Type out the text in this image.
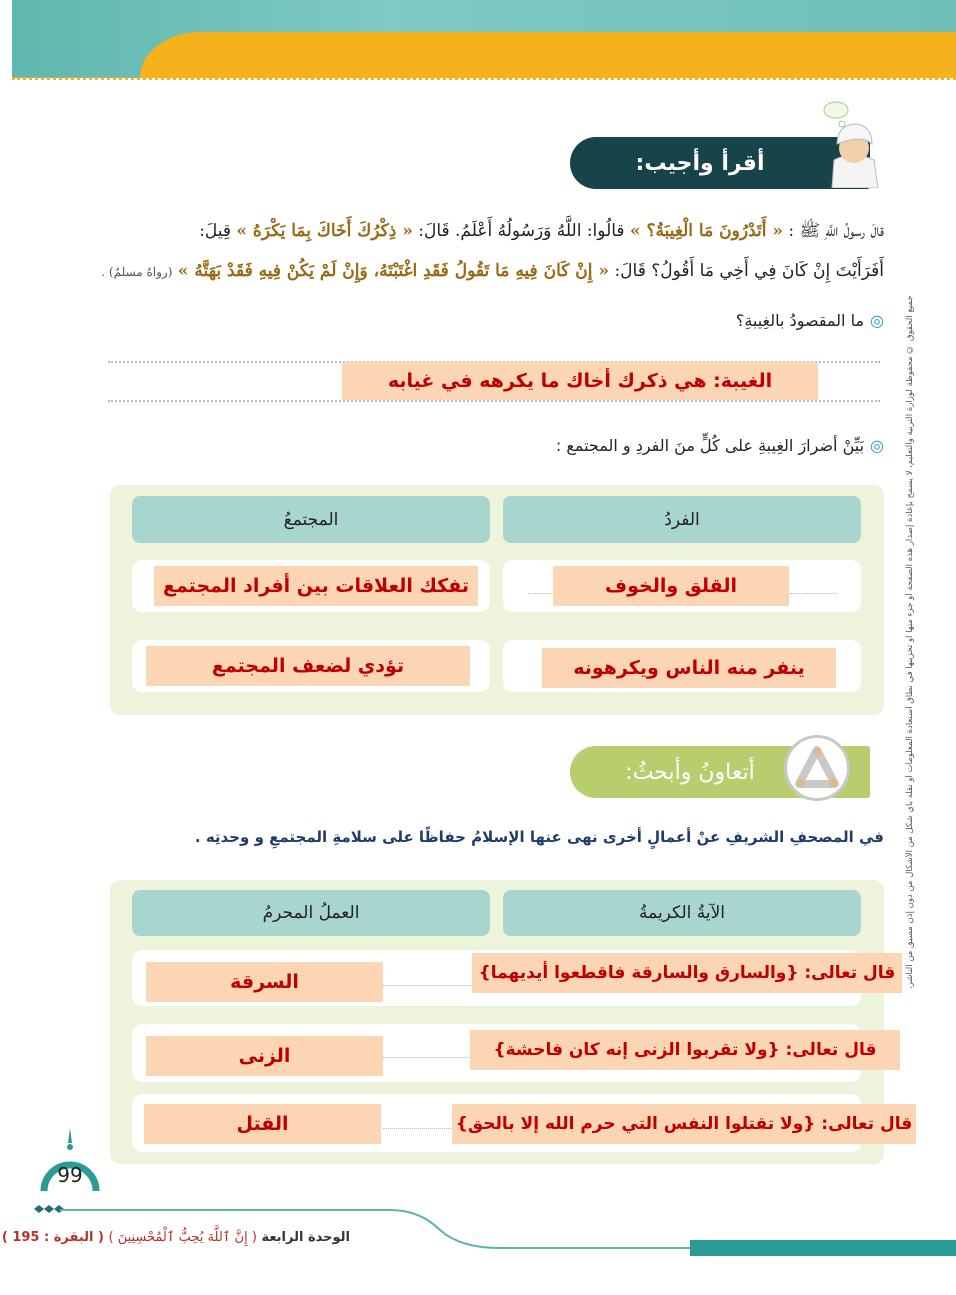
أقرأ وأجيب:
قالَ رسولُ اللَّهِ ﷺ : « أَتَدْرُونَ مَا الْغِيبَةُ؟ » قالُوا: اللَّهُ وَرَسُولُهُ أَعْلَمُ. قَالَ: « ذِكْرُكَ أَخَاكَ بِمَا يَكْرَهُ » قِيلَ:
أَفَرَأَيْتَ إِنْ كَانَ فِي أَخِي مَا أَقُولُ؟ قَالَ: « إِنْ كَانَ فِيهِ مَا تَقُولُ فَقَدِ اغْتَبْتَهُ، وَإِنْ لَمْ يَكُنْ فِيهِ فَقَدْ بَهَتَّهُ » (رواهُ مسلمٌ) .
◎ما المقصودُ بالغِيبةِ؟
الغيبة: هي ذكرك أخاك ما يكرهه في غيابه
◎بَيِّنْ أضرارَ الغِيبةِ على كُلٍّ منَ الفردِ و المجتمع :
الفردُ
المجتمعُ
القلق والخوف
تفكك العلاقات بين أفراد المجتمع
ينفر منه الناس ويكرهونه
تؤدي لضعف المجتمع
أتعاونُ وأبحثُ:
في المصحفِ الشريفِ عنْ أعمالٍ أخرى نهى عنها الإسلامُ حفاظًا على سلامةِ المجتمعِ و وحدتِه .
الآيةُ الكريمةُ
العملُ المحرمُ
قال تعالى: {والسارق والسارقة فاقطعوا أيديهما}
السرقة
قال تعالى: {ولا تقربوا الزنى إنه كان فاحشة}
الزنى
قال تعالى: {ولا تقتلوا النفس التي حرم الله إلا بالحق}
القتل
جميع الحقوق © محفوظة لوزارة التربية والتعليم، لا يسمح بإعادة إصدار هذه الصفحة أو جزء منها أو تخزينها في نطاق استعادة المعلومات أو نقله بأي شكل من الأشكال من دون إذن مسبق من الناشر.
99
الوحدة الرابعة ( إِنَّ ٱللَّهَ يُحِبُّ ٱلْمُحْسِنِينَ ) ( البقرة : 195 )
